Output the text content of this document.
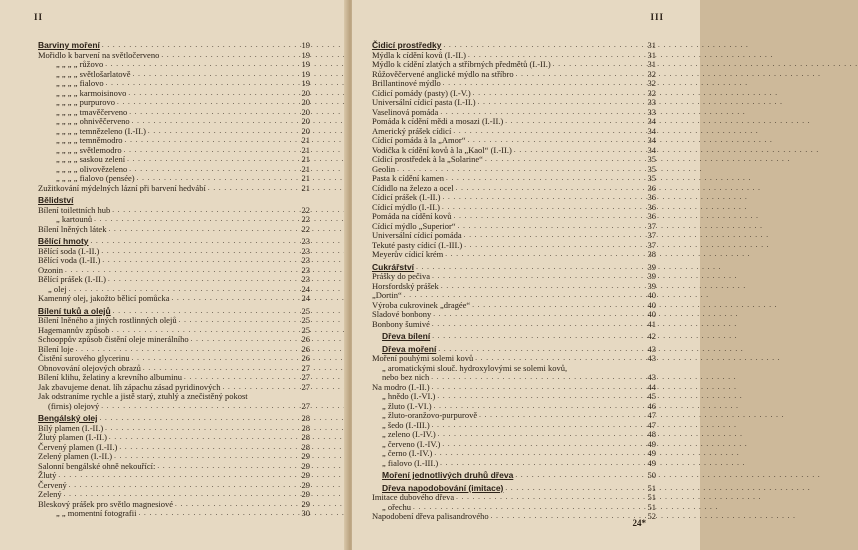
II
Barviny moření . . .	19
Mořidlo k barvení na světločerveno . . .	19
„ „ „ „ růžovo . . .	19
„ „ „ „ světlošarlatově . . .	19
„ „ „ „ fialovo . . .	19
„ „ „ „ karmoisinovo . . .	20
„ „ „ „ purpurovo . . .	20
„ „ „ „ tmavěčerveno . . .	20
„ „ „ „ ohnivěčerveno . . .	20
„ „ „ „ temnězeleno (I.-II.) . . .	20
„ „ „ „ temněmodro . . .	21
„ „ „ „ světlemodro . . .	21
„ „ „ „ saskou zelení . . .	21
„ „ „ „ olivovězeleno . . .	21
„ „ „ „ fialovo (pensée) . . .	21
Zužitkování mýdelných lázní při barvení hedvábí . . .	21
Bělidství
Bílení toilettních hub . . .	22
„ kartounů . . .	22
Bílení lněných látek . . .	22
Bělící hmoty . . .	23
Bělící soda (I.-II.) . . .	23
Bělící voda (I.-II.) . . .	23
Ozonin . . .	23
Bělící prášek (I.-II.) . . .	23
„ olej . . .	24
Kamenný olej, jakožto bělicí pomůcka . . .	24
Bílení tuků a olejů . . .	25
Bílení lněného a jiných rostlinných olejů . . .	25
Hagemannův způsob . . .	25
Schooppův způsob čistění oleje minerálního . . .	26
Bílení loje . . .	26
Čistění surového glycerinu . . .	26
Obnovování olejových obrazů . . .	27
Bílení klihu, želatiny a krevního albuminu . . .	27
Jak zbavujeme denat. líh zápachu zásad pyridinových . . .	27
Jak odstraníme rychle a jistě starý, ztuhlý a znečistěný pokost
(firnis) olejový . . .	27
Bengálský olej . . .	28
Bílý plamen (I.-II.) . . .	28
Žlutý plamen (I.-II.) . . .	28
Červený plamen (I.-II.) . . .	28
Zelený plamen (I.-II.) . . .	29
Salonní bengálské ohně nekouřící: . . .	29
Žlutý . . .	29
Červený . . .	29
Zelený . . .	29
Bleskový prášek pro světlo magnesiové . . .	29
„ „ momentní fotografii . . .	30
III
Čidicí prostředky . . .	31
Mýdla k cídění kovů (I.-II.) . . .	31
Mýdlo k cídění zlatých a stříbrných předmětů (I.-II.) . . .	31
Růžověčervené anglické mýdlo na stříbro . . .	32
Brillantinové mýdlo . . .	32
Cídicí pomády (pasty) (I.-V.) . . .	32
Universální cídicí pasta (I.-II.) . . .	33
Vaselinová pomáda . . .	33
Pomáda k cídění mědi a mosazi (I.-II.) . . .	34
Americký prášek cídicí . . .	34
Cídicí pomáda à la „Amor“ . . .	34
Vodička k cídění kovů à la „Kaol“ (I.-II.) . . .	34
Cídicí prostředek à la „Solarine“ . . .	35
Geolin . . .	35
Pasta k cídění kamen . . .	35
Cídidlo na železo a ocel . . .	36
Cídicí prášek (I.-II.) . . .	36
Cídicí mýdlo (I.-II.) . . .	36
Pomáda na cídění kovů . . .	36
Cídicí mýdlo „Superior“ . . .	37
Universální cídicí pomáda . . .	37
Tekuté pasty cídicí (I.-III.) . . .	37
Meyerův cídicí krém . . .	38
Cukrářství . . .	39
Prášky do pečiva . . .	39
Horsfordský prášek . . .	39
„Dortin“ . . .	40
Výroba cukrovinek „dragée“ . . .	40
Sladové bonbony . . .	40
Bonbony šumivé . . .	41
Dřeva bílení . . .	42
Dřeva moření . . .	43
Moření pouhými solemi kovů . . .	43
„ aromatickými slouč. hydroxylovými se solemi kovů,
nebo bez nich . . .	43
Na modro (I.-II.) . . .	44
„ hnědo (I.-VI.) . . .	45
„ žluto (I.-VI.) . . .	46
„ žluto-oranžovo-purpurově . . .	47
„ šedo (I.-III.) . . .	47
„ zeleno (I.-IV.) . . .	48
„ červeno (I.-IV.) . . .	49
„ černo (I.-IV.) . . .	49
„ fialovo (I.-III.) . . .	49
Moření jednotlivých druhů dřeva . . .	50
Dřeva napodobování (imitace) . . .	51
Imitace dubového dřeva . . .	51
„ ořechu . . .	51
Napodobení dřeva palisandrového . . .	52
24*
